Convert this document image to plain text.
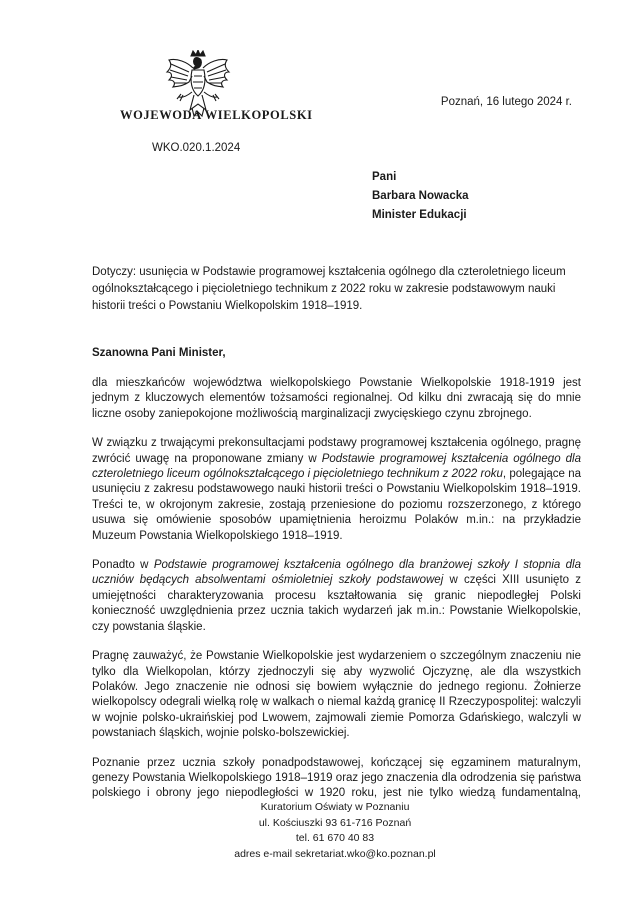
WOJEWODA WIELKOPOLSKI
Poznań, 16 lutego 2024 r.
WKO.020.1.2024
Pani
Barbara Nowacka
Minister Edukacji
Dotyczy: usunięcia w Podstawie programowej kształcenia ogólnego dla czteroletniego liceum ogólnokształcącego i pięcioletniego technikum z 2022 roku w zakresie podstawowym nauki historii treści o Powstaniu Wielkopolskim 1918–1919.
Szanowna Pani Minister,

dla mieszkańców województwa wielkopolskiego Powstanie Wielkopolskie 1918-1919 jest jednym z kluczowych elementów tożsamości regionalnej. Od kilku dni zwracają się do mnie liczne osoby zaniepokojone możliwością marginalizacji zwycięskiego czynu zbrojnego.

W związku z trwającymi prekonsultacjami podstawy programowej kształcenia ogólnego, pragnę zwrócić uwagę na proponowane zmiany w Podstawie programowej kształcenia ogólnego dla czteroletniego liceum ogólnokształcącego i pięcioletniego technikum z 2022 roku, polegające na usunięciu z zakresu podstawowego nauki historii treści o Powstaniu Wielkopolskim 1918–1919. Treści te, w okrojonym zakresie, zostają przeniesione do poziomu rozszerzonego, z którego usuwa się omówienie sposobów upamiętnienia heroizmu Polaków m.in.: na przykładzie Muzeum Powstania Wielkopolskiego 1918–1919.

Ponadto w Podstawie programowej kształcenia ogólnego dla branżowej szkoły I stopnia dla uczniów będących absolwentami ośmioletniej szkoły podstawowej w części XIII usunięto z umiejętności charakteryzowania procesu kształtowania się granic niepodległej Polski konieczność uwzględnienia przez ucznia takich wydarzeń jak m.in.: Powstanie Wielkopolskie, czy powstania śląskie.

Pragnę zauważyć, że Powstanie Wielkopolskie jest wydarzeniem o szczególnym znaczeniu nie tylko dla Wielkopolan, którzy zjednoczyli się aby wyzwolić Ojczyznę, ale dla wszystkich Polaków. Jego znaczenie nie odnosi się bowiem wyłącznie do jednego regionu. Żołnierze wielkopolscy odegrali wielką rolę w walkach o niemal każdą granicę II Rzeczypospolitej: walczyli w wojnie polsko-ukraińskiej pod Lwowem, zajmowali ziemie Pomorza Gdańskiego, walczyli w powstaniach śląskich, wojnie polsko-bolszewickiej.

Poznanie przez ucznia szkoły ponadpodstawowej, kończącej się egzaminem maturalnym, genezy Powstania Wielkopolskiego 1918–1919 oraz jego znaczenia dla odrodzenia się państwa polskiego i obrony jego niepodległości w 1920 roku, jest nie tylko wiedzą fundamentalną,

Kuratorium Oświaty w Poznaniu
ul. Kościuszki 93 61-716 Poznań
tel. 61 670 40 83
adres e-mail sekretariat.wko@ko.poznan.pl
